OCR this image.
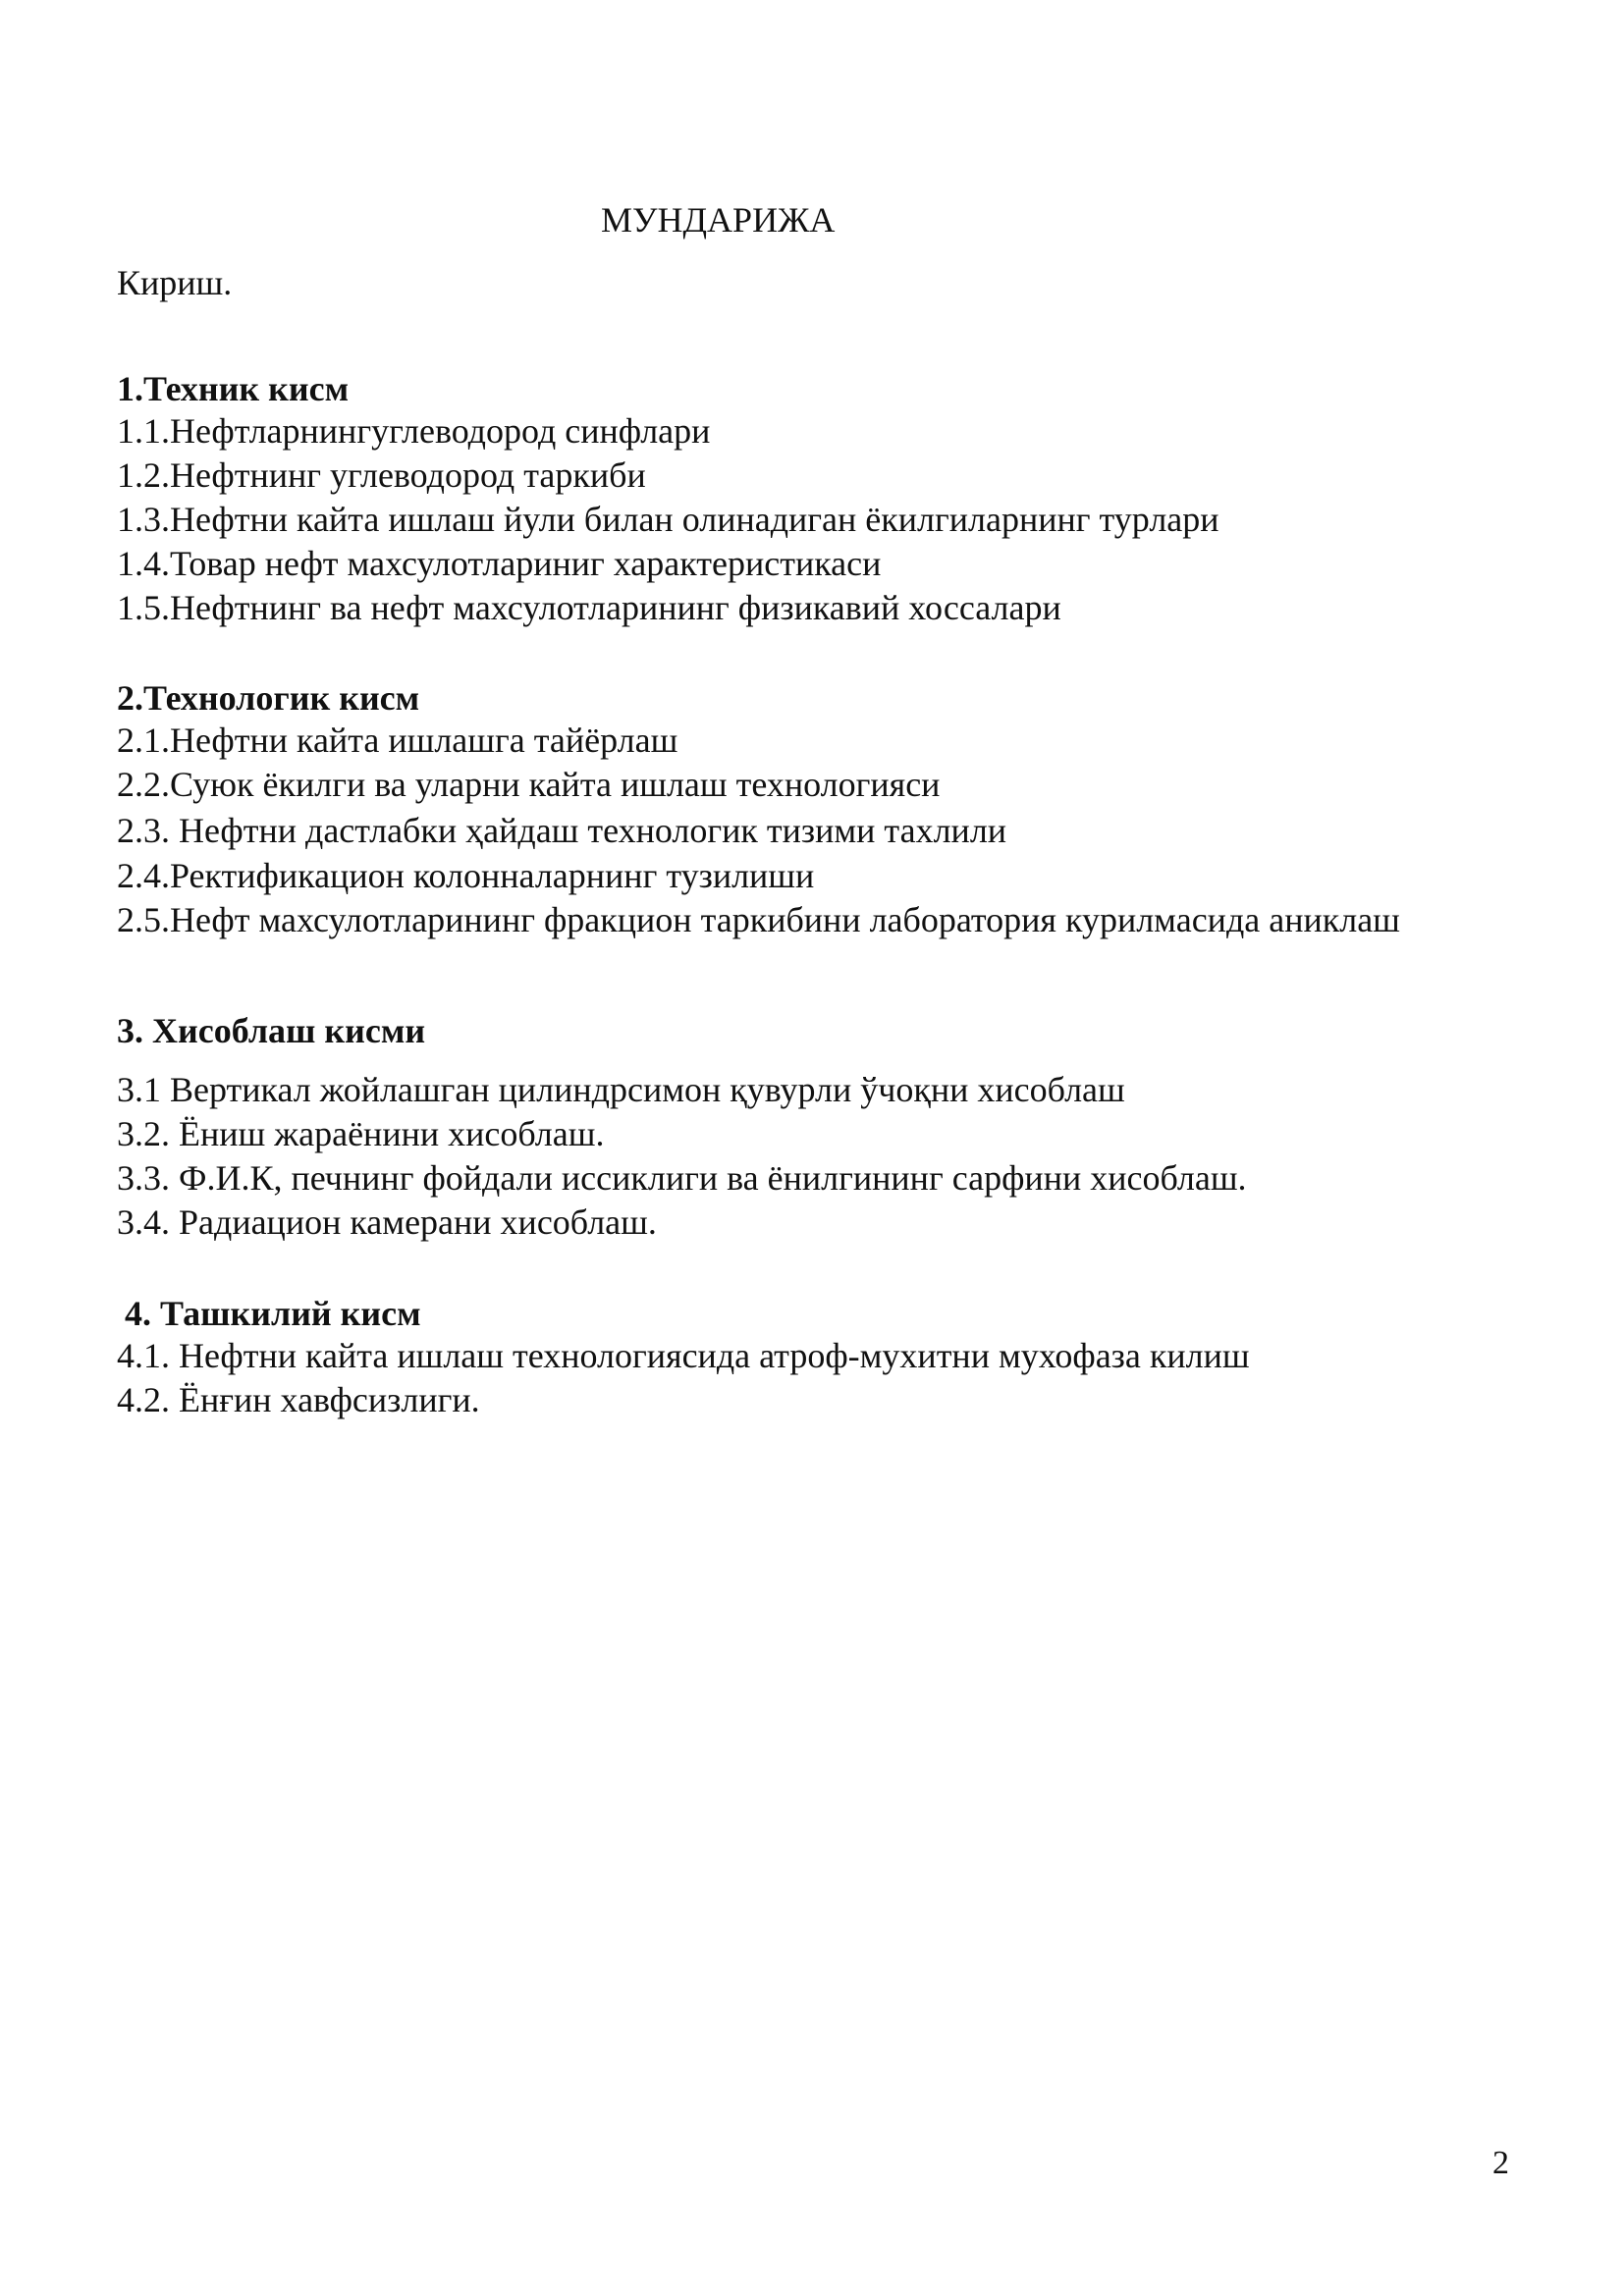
МУНДАРИЖА
Кириш.
1.Техник кисм
1.1.Нефтларнингуглеводород синфлари
1.2.Нефтнинг углеводород таркиби
1.3.Нефтни кайта ишлаш йули билан олинадиган ёкилгиларнинг турлари
1.4.Товар нефт махсулотлариниг характеристикаси
1.5.Нефтнинг ва нефт махсулотларининг физикавий хоссалари
2.Технологик кисм
2.1.Нефтни кайта ишлашга тайёрлаш
2.2.Суюк ёкилги ва уларни кайта ишлаш технологияси
2.3. Нефтни дастлабки ҳайдаш технологик тизими тахлили
2.4.Ректификацион колонналарнинг тузилиши
2.5.Нефт махсулотларининг фракцион таркибини лаборатория курилмасида аниклаш
3. Хисоблаш кисми
3.1 Вертикал жойлашган цилиндрсимон қувурли ўчоқни хисоблаш
3.2. Ёниш жараёнини хисоблаш.
3.3. Ф.И.К, печнинг фойдали иссиклиги ва ёнилгининг сарфини хисоблаш.
3.4. Радиацион камерани хисоблаш.
4. Ташкилий кисм
4.1. Нефтни кайта ишлаш технологиясида атроф-мухитни мухофаза килиш
4.2. Ёнғин хавфсизлиги.
2
